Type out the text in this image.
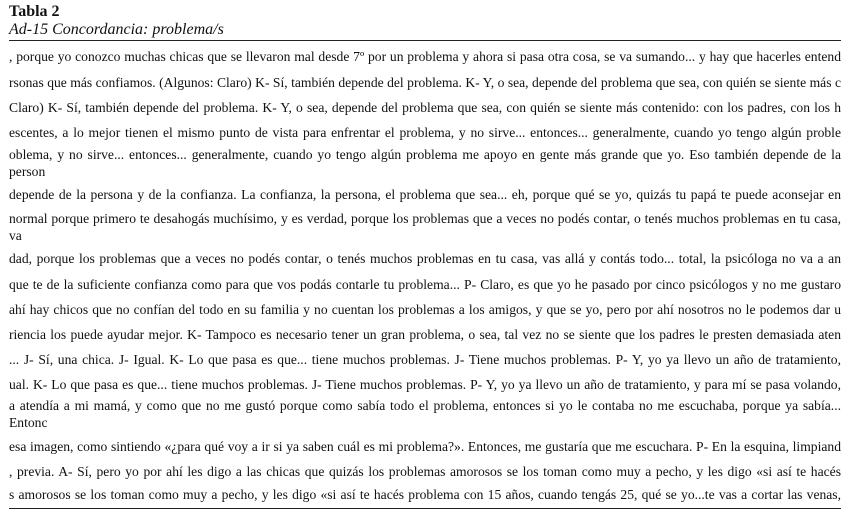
Tabla 2
Ad-15 Concordancia: problema/s
, porque yo conozco muchas chicas que se llevaron mal desde 7º por un problema y ahora si pasa otra cosa, se va sumando... y hay que hacerles entend
rsonas que más confiamos. (Algunos: Claro) K- Sí, también depende del problema. K- Y, o sea, depende del problema que sea, con quién se siente más c
Claro) K- Sí, también depende del problema. K- Y, o sea, depende del problema que sea, con quién se siente más contenido: con los padres, con los h
escentes, a lo mejor tienen el mismo punto de vista para enfrentar el problema, y no sirve... entonces... generalmente, cuando yo tengo algún proble
oblema, y no sirve... entonces... generalmente, cuando yo tengo algún problema me apoyo en gente más grande que yo. Eso también depende de la
person
depende de la persona y de la confianza. La confianza, la persona, el problema que sea... eh, porque qué se yo, quizás tu papá te puede aconsejar en
normal porque primero te desahogás muchísimo, y es verdad, porque los problemas que a veces no podés contar, o tenés muchos problemas en tu casa,
va
dad, porque los problemas que a veces no podés contar, o tenés muchos problemas en tu casa, vas allá y contás todo... total, la psicóloga no va a an
que te de la suficiente confianza como para que vos podás contarle tu problema... P- Claro, es que yo he pasado por cinco psicólogos y no me gustaro
ahí hay chicos que no confían del todo en su familia y no cuentan los problemas a los amigos, y que se yo, pero por ahí nosotros no le podemos dar u
riencia los puede ayudar mejor. K- Tampoco es necesario tener un gran problema, o sea, tal vez no se siente que los padres le presten demasiada aten
... J- Sí, una chica. J- Igual. K- Lo que pasa es que... tiene muchos problemas. J- Tiene muchos problemas. P- Y, yo ya llevo un año de tratamiento,
ual. K- Lo que pasa es que... tiene muchos problemas. J- Tiene muchos problemas. P- Y, yo ya llevo un año de tratamiento, y para mí se pasa volando,
a atendía a mi mamá, y como que no me gustó porque como sabía todo el problema, entonces si yo le contaba no me escuchaba, porque ya sabía...
Entonc
esa imagen, como sintiendo «¿para qué voy a ir si ya saben cuál es mi problema?». Entonces, me gustaría que me escuchara. P- En la esquina, limpiand
, previa. A- Sí, pero yo por ahí les digo a las chicas que quizás los problemas amorosos se los toman como muy a pecho, y les digo «si así te hacés
s amorosos se los toman como muy a pecho, y les digo «si así te hacés problema con 15 años, cuando tengás 25, qué se yo...te vas a cortar las venas,
